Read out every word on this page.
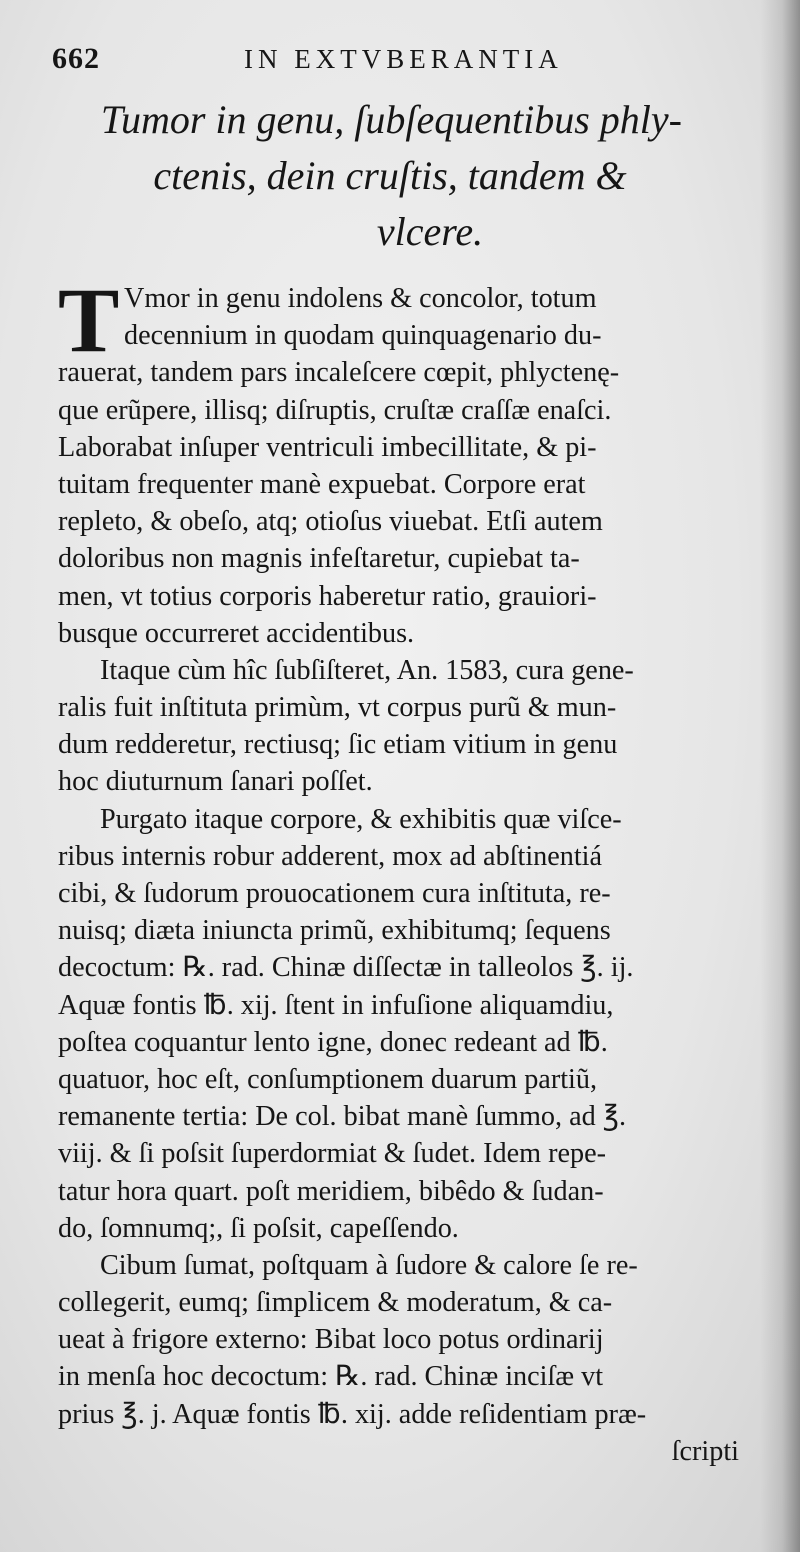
662	IN EXTVBERANTIA
Tumor in genu, ſubſequentibus phly-
ctenis, dein cruſtis, tandem &
vlcere.
T Vmor in genu indolens & concolor, totum
decennium in quodam quinquagenario du-
rauerat, tandem pars incaleſcere cœpit, phlyctenę-
que erũpere, illisq; diſruptis, cruſtæ craſſæ enaſci.
Laborabat inſuper ventriculi imbecillitate, & pi-
tuitam frequenter manè expuebat. Corpore erat
repleto, & obeſo, atq; otioſus viuebat. Etſi autem
doloribus non magnis infeſtaretur, cupiebat ta-
men, vt totius corporis haberetur ratio, grauiori-
busque occurreret accidentibus.
Itaque cùm hîc ſubſiſteret, An. 1583, cura gene-
ralis fuit inſtituta primùm, vt corpus purũ & mun-
dum redderetur, rectiusq; ſic etiam vitium in genu
hoc diuturnum ſanari poſſet.
Purgato itaque corpore, & exhibitis quæ viſce-
ribus internis robur adderent, mox ad abſtinentiá
cibi, & ſudorum prouocationem cura inſtituta, re-
nuisq; diæta iniuncta primũ, exhibitumq; ſequens
decoctum: ℞. rad. Chinæ diſſectæ in talleolos ℥. ij.
Aquæ fontis ℔. xij. ſtent in infuſione aliquamdiu,
poſtea coquantur lento igne, donec redeant ad ℔.
quatuor, hoc eſt, conſumptionem duarum partiũ,
remanente tertia: De col. bibat manè ſummo, ad ℥.
viij. & ſi poſsit ſuperdormiat & ſudet. Idem repe-
tatur hora quart. poſt meridiem, bibêdo & ſudan-
do, ſomnumq;, ſi poſsit, capeſſendo.
Cibum ſumat, poſtquam à ſudore & calore ſe re-
collegerit, eumq; ſimplicem & moderatum, & ca-
ueat à frigore externo: Bibat loco potus ordinarij
in menſa hoc decoctum: ℞. rad. Chinæ inciſæ vt
prius ℥. j. Aquæ fontis ℔. xij. adde reſidentiam præ-
ſcripti
